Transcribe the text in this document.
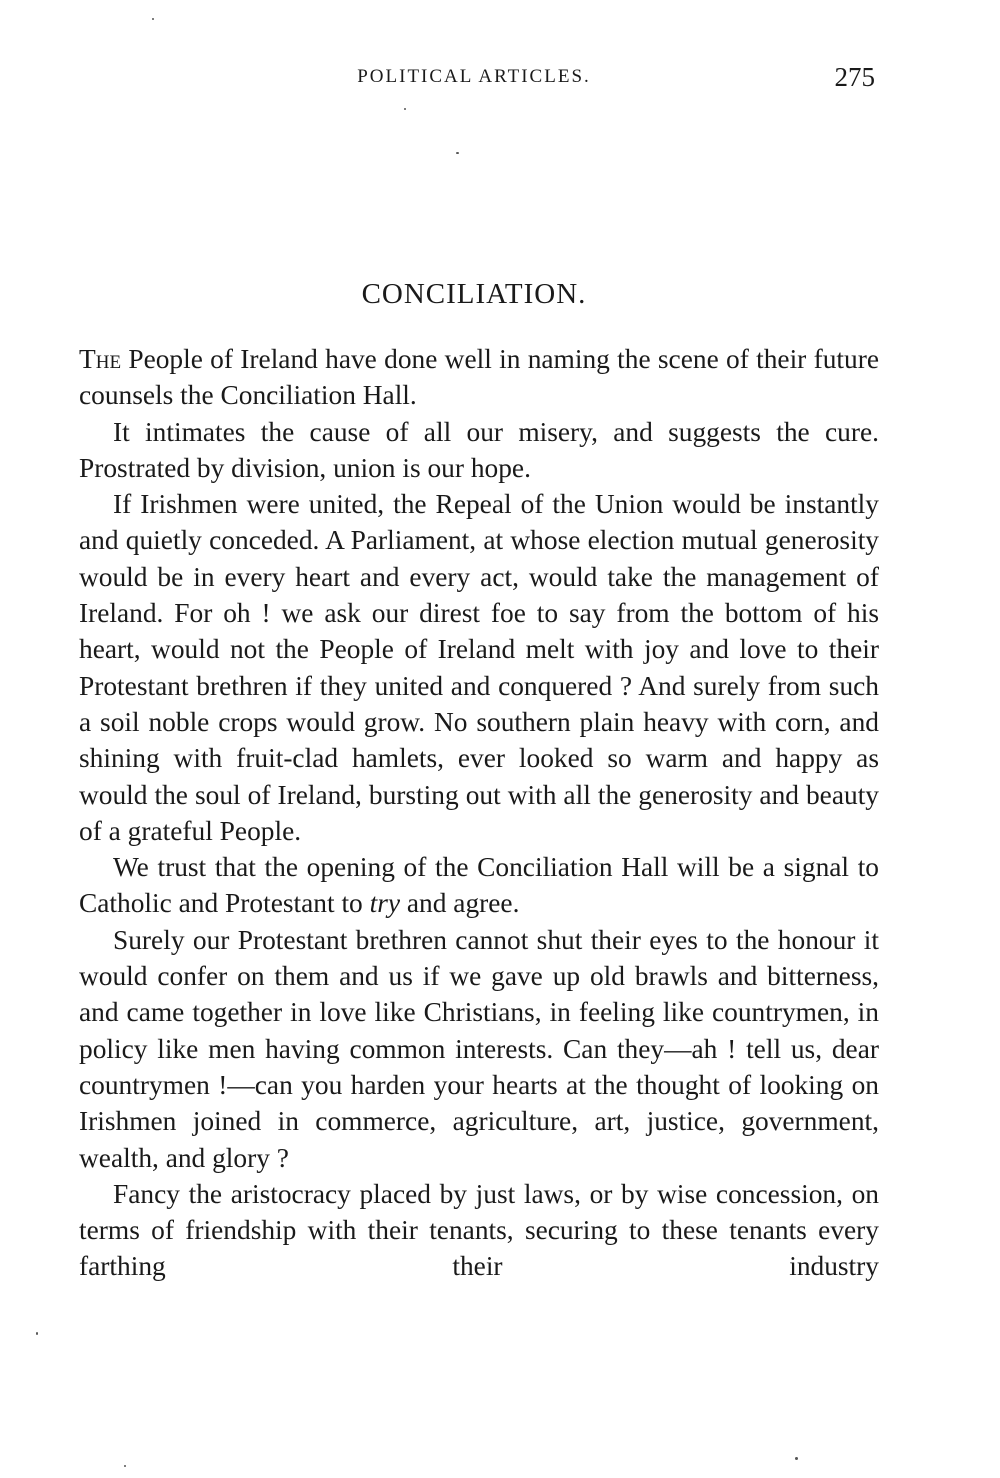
POLITICAL ARTICLES.	275
CONCILIATION.

The People of Ireland have done well in naming the scene of their future counsels the Conciliation Hall.

It intimates the cause of all our misery, and suggests the cure. Prostrated by division, union is our hope.

If Irishmen were united, the Repeal of the Union would be instantly and quietly conceded. A Parliament, at whose election mutual generosity would be in every heart and every act, would take the management of Ireland. For oh ! we ask our direst foe to say from the bottom of his heart, would not the People of Ireland melt with joy and love to their Protestant brethren if they united and conquered ? And surely from such a soil noble crops would grow. No southern plain heavy with corn, and shining with fruit-clad hamlets, ever looked so warm and happy as would the soul of Ireland, bursting out with all the generosity and beauty of a grateful People.

We trust that the opening of the Conciliation Hall will be a signal to Catholic and Protestant to try and agree.

Surely our Protestant brethren cannot shut their eyes to the honour it would confer on them and us if we gave up old brawls and bitterness, and came together in love like Christians, in feeling like countrymen, in policy like men having common interests. Can they—ah ! tell us, dear countrymen !—can you harden your hearts at the thought of looking on Irishmen joined in commerce, agriculture, art, justice, government, wealth, and glory ?

Fancy the aristocracy placed by just laws, or by wise concession, on terms of friendship with their tenants, securing to these tenants every farthing their industry
